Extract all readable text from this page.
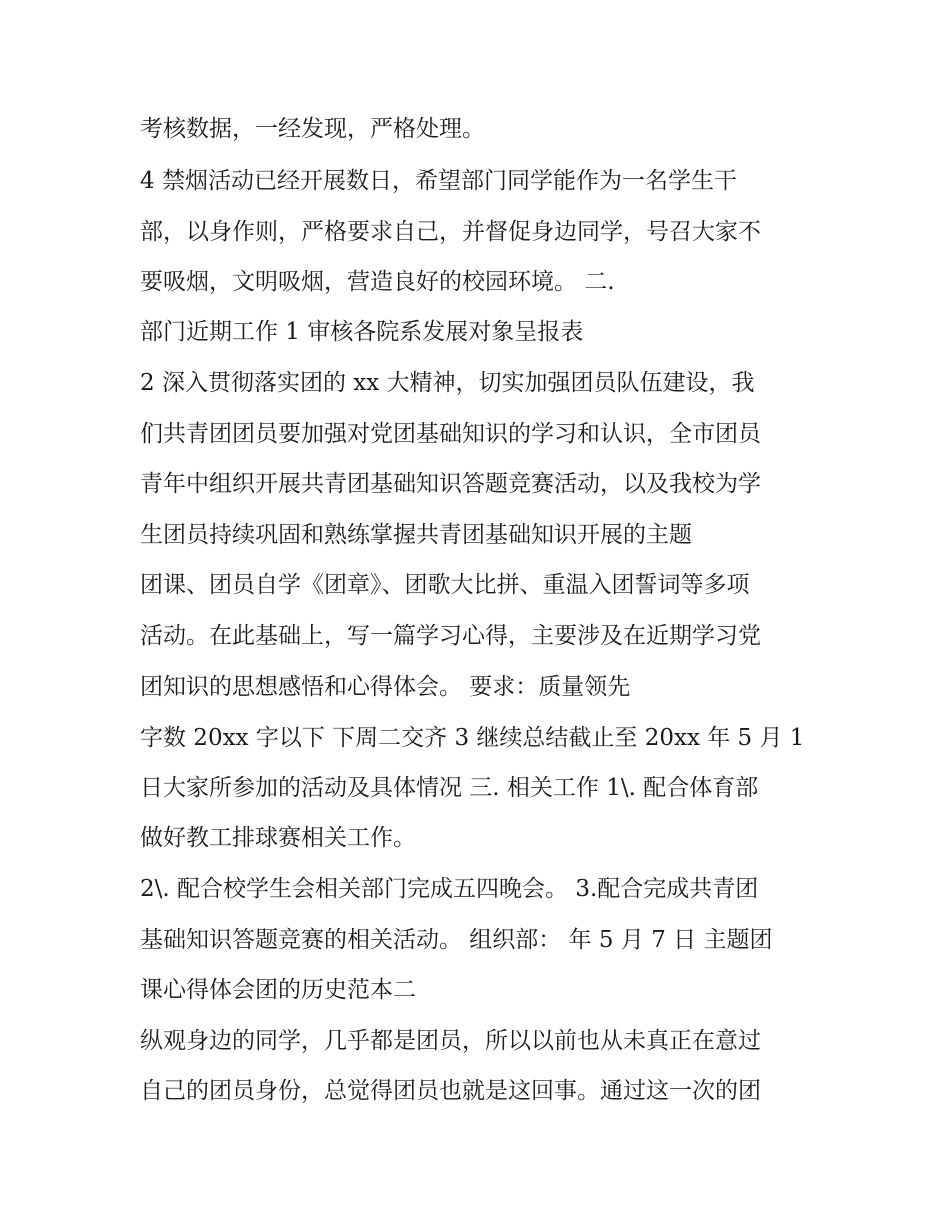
考核数据，一经发现，严格处理。

4 禁烟活动已经开展数日，希望部门同学能作为一名学生干

部，以身作则，严格要求自己，并督促身边同学，号召大家不

要吸烟，文明吸烟，营造良好的校园环境。 二.

部门近期工作 1 审核各院系发展对象呈报表

2 深入贯彻落实团的 xx 大精神，切实加强团员队伍建设，我

们共青团团员要加强对党团基础知识的学习和认识，全市团员

青年中组织开展共青团基础知识答题竞赛活动，以及我校为学

生团员持续巩固和熟练掌握共青团基础知识开展的主题

团课、团员自学《团章》、团歌大比拼、重温入团誓词等多项

活动。在此基础上，写一篇学习心得，主要涉及在近期学习党

团知识的思想感悟和心得体会。 要求：质量领先

字数 20xx 字以下 下周二交齐 3 继续总结截止至 20xx 年 5 月 1

日大家所参加的活动及具体情况 三. 相关工作 1\. 配合体育部

做好教工排球赛相关工作。

2\. 配合校学生会相关部门完成五四晚会。 3.配合完成共青团

基础知识答题竞赛的相关活动。 组织部： 年 5 月 7 日 主题团

课心得体会团的历史范本二

纵观身边的同学，几乎都是团员，所以以前也从未真正在意过

自己的团员身份，总觉得团员也就是这回事。通过这一次的团
